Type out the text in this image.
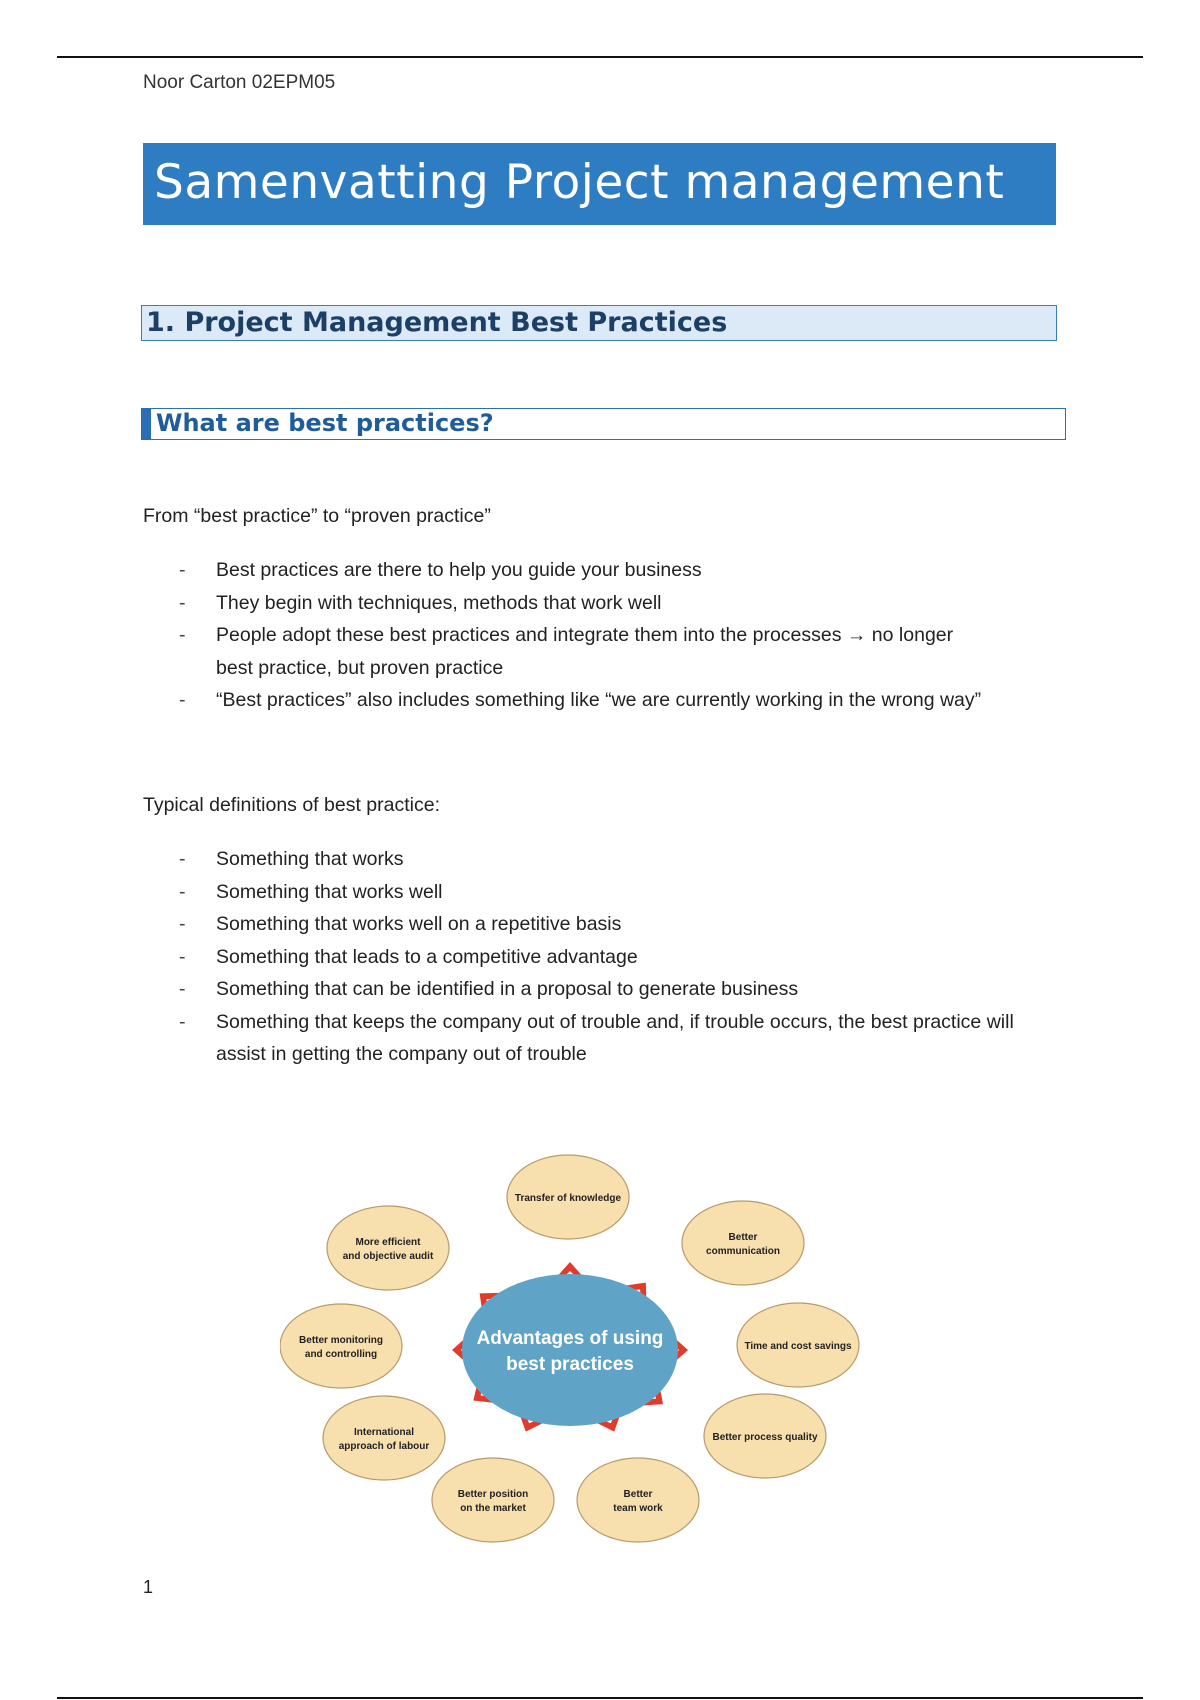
Noor Carton 02EPM05
Samenvatting Project management
1. Project Management Best Practices
What are best practices?
From “best practice” to “proven practice”
- Best practices are there to help you guide your business
- They begin with techniques, methods that work well
- People adopt these best practices and integrate them into the processes → no longer best practice, but proven practice
- “Best practices” also includes something like “we are currently working in the wrong way”
Typical definitions of best practice:
- Something that works
- Something that works well
- Something that works well on a repetitive basis
- Something that leads to a competitive advantage
- Something that can be identified in a proposal to generate business
- Something that keeps the company out of trouble and, if trouble occurs, the best practice will assist in getting the company out of trouble
Transfer of knowledge
Better
communication
Time and cost savings
Better process quality
Better
team work
Better position
on the market
International
approach of labour
Better monitoring
and controlling
More efficient
and objective audit
Advantages of using
best practices
1
